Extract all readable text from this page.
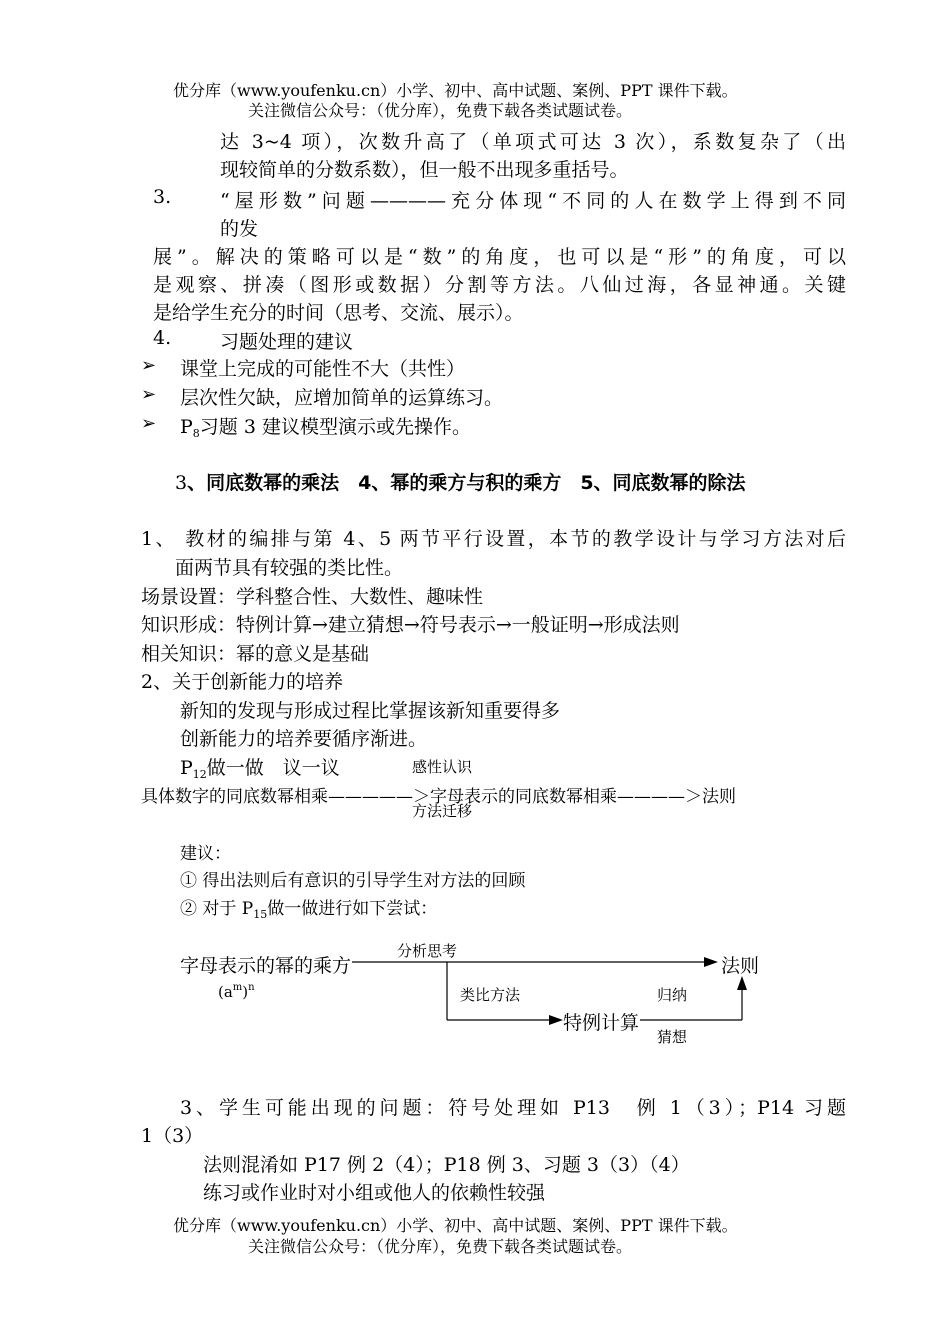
优分库（www.youfenku.cn）小学、初中、高中试题、案例、PPT 课件下载。
关注微信公众号：（优分库），免费下载各类试题试卷。
达 3~4 项），次数升高了（单项式可达 3 次），系数复杂了（出
现较简单的分数系数），但一般不出现多重括号。
3.	“屋形数”问题————充分体现“不同的人在数学上得到不同
的发
展”。解决的策略可以是“数”的角度，也可以是“形”的角度，可以
是观察、拼凑（图形或数据）分割等方法。八仙过海，各显神通。关键
是给学生充分的时间（思考、交流、展示）。
4.	习题处理的建议
➢ 课堂上完成的可能性不大（共性）
➢ 层次性欠缺，应增加简单的运算练习。
➢ $P_8$习题 3 建议模型演示或先操作。
3、同底数幂的乘法　4、幂的乘方与积的乘方　5、同底数幂的除法
1、 教材的编排与第 4、5 两节平行设置，本节的教学设计与学习方法对后
面两节具有较强的类比性。
场景设置：学科整合性、大数性、趣味性
知识形成：特例计算→建立猜想→符号表示→一般证明→形成法则
相关知识：幂的意义是基础
2、关于创新能力的培养
新知的发现与形成过程比掌握该新知重要得多
创新能力的培养要循序渐进。
$P_{12}$做一做　议一议	感性认识
具体数字的同底数幂相乘—————＞字母表示的同底数幂相乘————＞法则
方法迁移
建议：
① 得出法则后有意识的引导学生对方法的回顾
② 对于 $P_{15}$做一做进行如下尝试：
字母表示的幂的乘方
$(a^m)^n$
分析思考
法则
类比方法	归纳
特例计算
猜想
3、学生可能出现的问题：符号处理如 P13　例 1（3）；P14 习题
1（3）
法则混淆如 P17 例 2（4）；P18 例 3、习题 3（3）（4）
练习或作业时对小组或他人的依赖性较强
优分库（www.youfenku.cn）小学、初中、高中试题、案例、PPT 课件下载。
关注微信公众号：（优分库），免费下载各类试题试卷。
